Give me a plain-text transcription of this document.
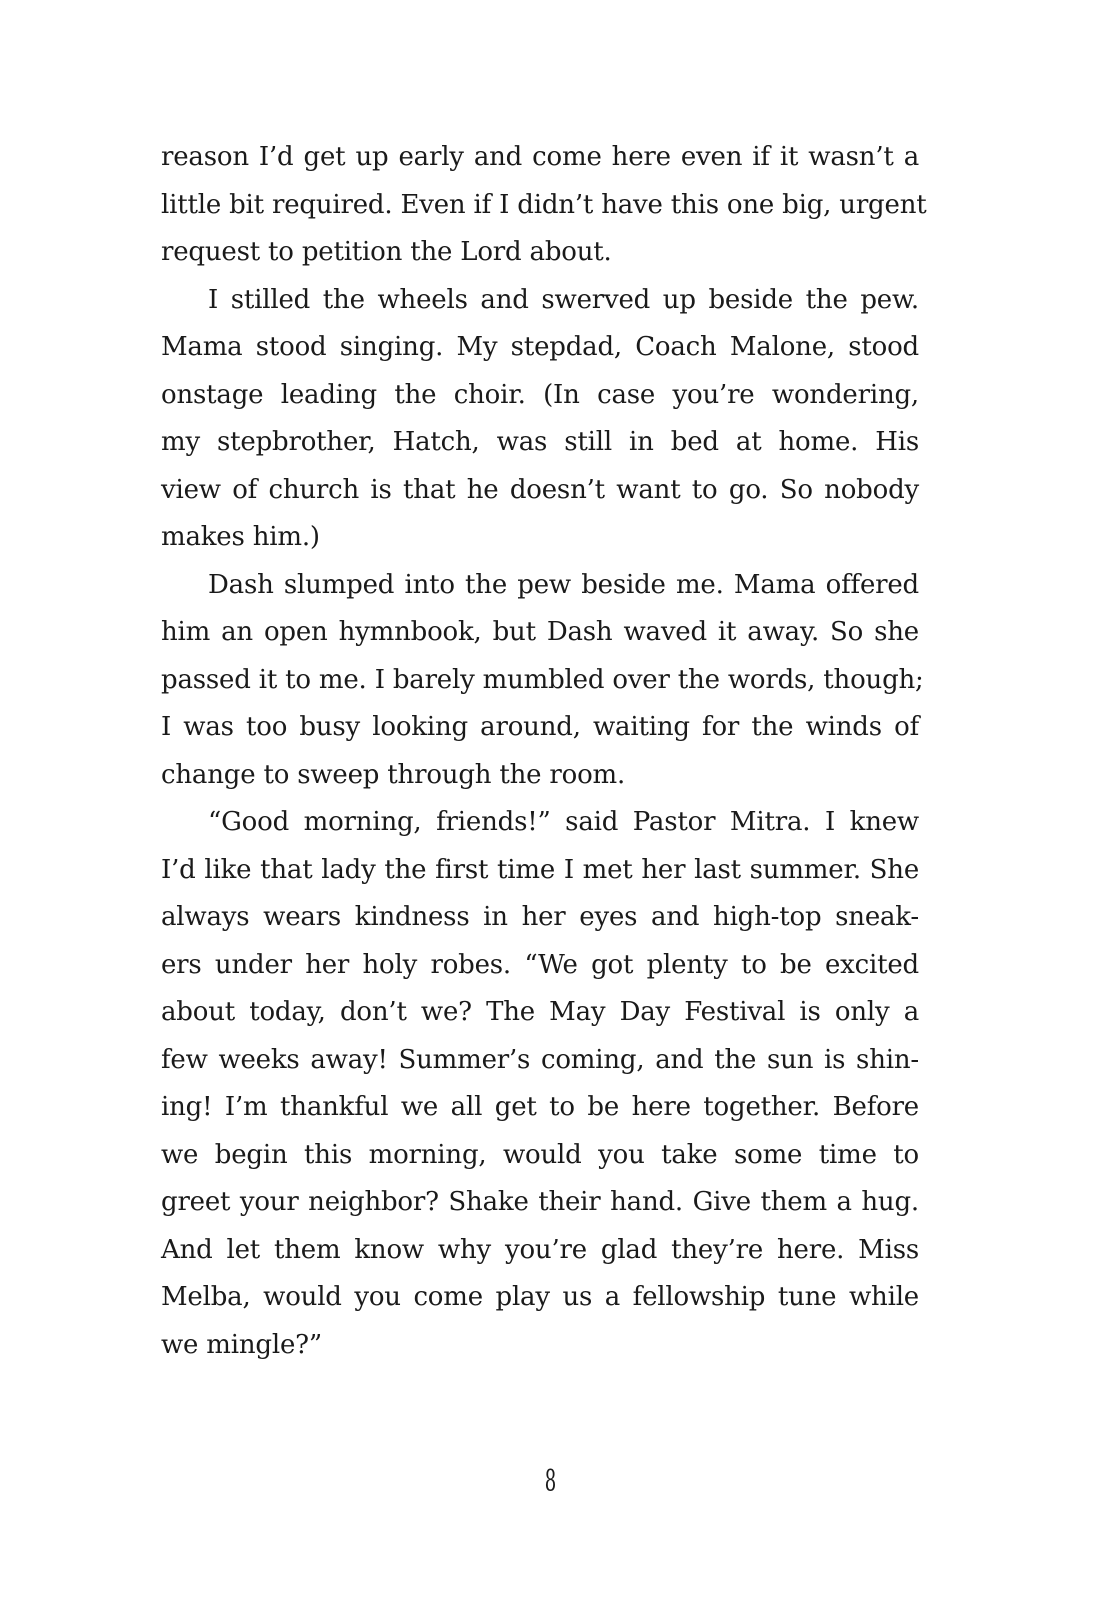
reason I’d get up early and come here even if it wasn’t a
little bit required. Even if I didn’t have this one big, urgent
request to petition the Lord about.
I stilled the wheels and swerved up beside the pew.
Mama stood singing. My stepdad, Coach Malone, stood
onstage leading the choir. (In case you’re wondering,
my stepbrother, Hatch, was still in bed at home. His
view of church is that he doesn’t want to go. So nobody
makes him.)
Dash slumped into the pew beside me. Mama offered
him an open hymnbook, but Dash waved it away. So she
passed it to me. I barely mumbled over the words, though;
I was too busy looking around, waiting for the winds of
change to sweep through the room.
“Good morning, friends!” said Pastor Mitra. I knew
I’d like that lady the first time I met her last summer. She
always wears kindness in her eyes and high-top sneak-
ers under her holy robes. “We got plenty to be excited
about today, don’t we? The May Day Festival is only a
few weeks away! Summer’s coming, and the sun is shin-
ing! I’m thankful we all get to be here together. Before
we begin this morning, would you take some time to
greet your neighbor? Shake their hand. Give them a hug.
And let them know why you’re glad they’re here. Miss
Melba, would you come play us a fellowship tune while
we mingle?”
8
